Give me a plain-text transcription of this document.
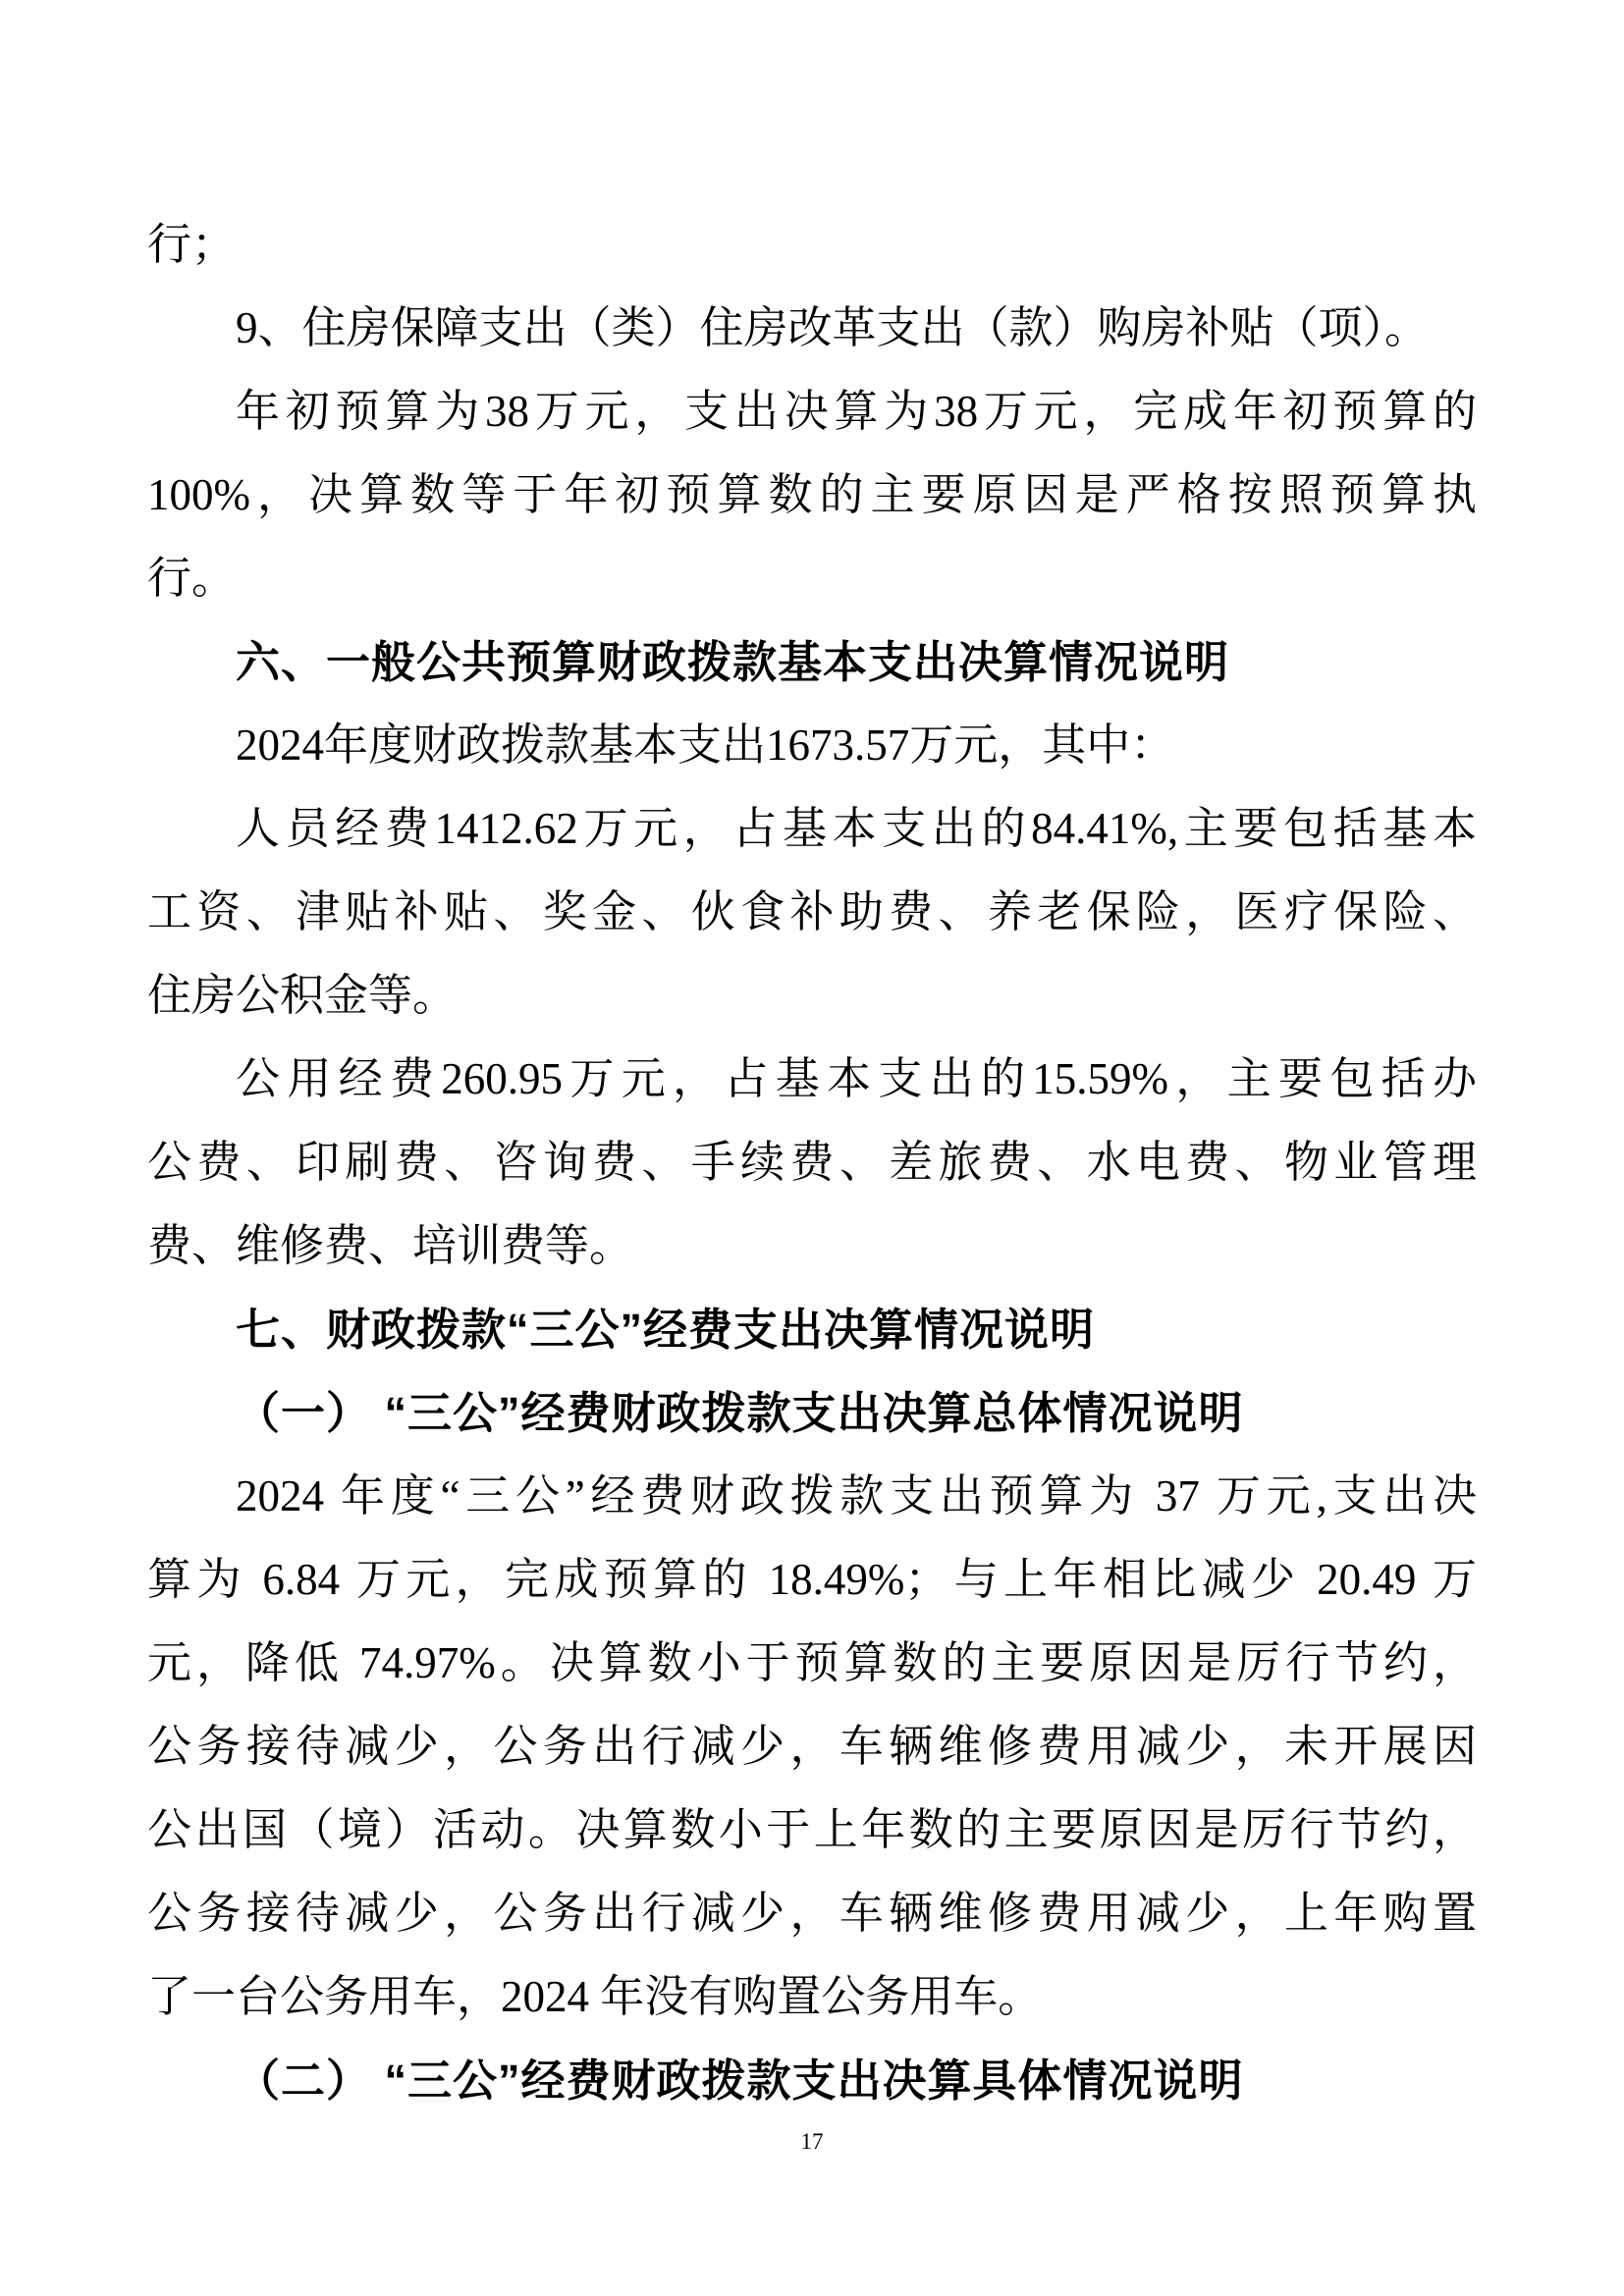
行；
9、住房保障支出（类）住房改革支出（款）购房补贴（项）。
年初预算为38万元，支出决算为38万元，完成年初预算的
100%，决算数等于年初预算数的主要原因是严格按照预算执
行。
六、一般公共预算财政拨款基本支出决算情况说明
2024年度财政拨款基本支出1673.57万元，其中：
人员经费1412.62万元，占基本支出的84.41%,主要包括基本
工资、津贴补贴、奖金、伙食补助费、养老保险，医疗保险、
住房公积金等。
公用经费260.95万元，占基本支出的15.59%，主要包括办
公费、印刷费、咨询费、手续费、差旅费、水电费、物业管理
费、维修费、培训费等。
七、财政拨款“三公”经费支出决算情况说明
（一） “三公”经费财政拨款支出决算总体情况说明
2024 年度“三公”经费财政拨款支出预算为 37 万元,支出决
算为 6.84 万元，完成预算的 18.49%；与上年相比减少 20.49 万
元，降低 74.97%。决算数小于预算数的主要原因是厉行节约，
公务接待减少，公务出行减少，车辆维修费用减少，未开展因
公出国（境）活动。决算数小于上年数的主要原因是厉行节约，
公务接待减少，公务出行减少，车辆维修费用减少，上年购置
了一台公务用车，2024 年没有购置公务用车。
（二） “三公”经费财政拨款支出决算具体情况说明
17
